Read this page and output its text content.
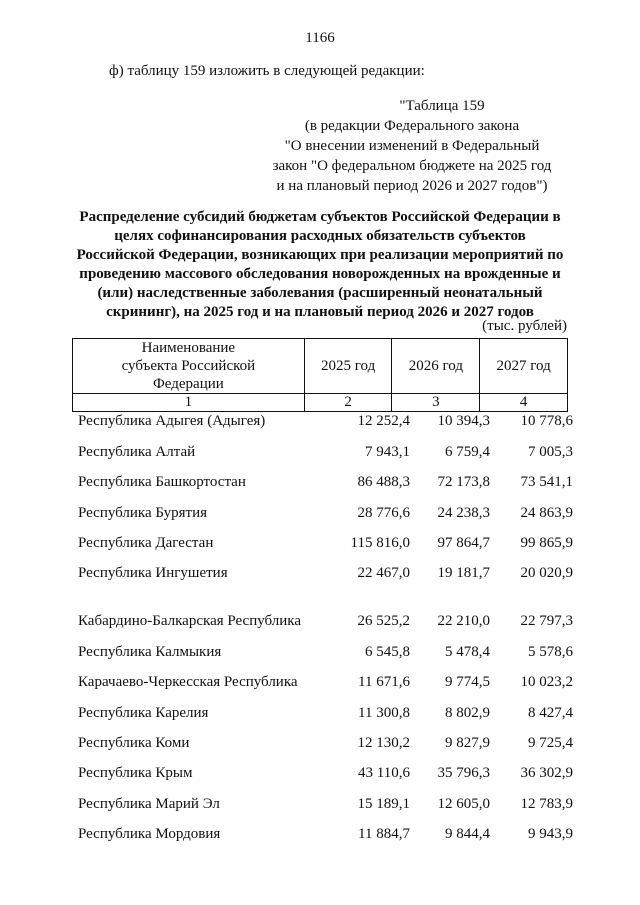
1166
ф) таблицу 159 изложить в следующей редакции:
"Таблица 159
(в редакции Федерального закона
"О внесении изменений в Федеральный
закон "О федеральном бюджете на 2025 год
и на плановый период 2026 и 2027 годов")
Распределение субсидий бюджетам субъектов Российской Федерации в
целях софинансирования расходных обязательств субъектов
Российской Федерации, возникающих при реализации мероприятий по
проведению массового обследования новорожденных на врожденные и
(или) наследственные заболевания (расширенный неонатальный
скрининг), на 2025 год и на плановый период 2026 и 2027 годов
(тыс. рублей)
Наименование субъекта Российской Федерации	2025 год	2026 год	2027 год
1	2	3	4
Республика Адыгея (Адыгея)	12 252,4	10 394,3	10 778,6
Республика Алтай	7 943,1	6 759,4	7 005,3
Республика Башкортостан	86 488,3	72 173,8	73 541,1
Республика Бурятия	28 776,6	24 238,3	24 863,9
Республика Дагестан	115 816,0	97 864,7	99 865,9
Республика Ингушетия	22 467,0	19 181,7	20 020,9
Кабардино-Балкарская Республика	26 525,2	22 210,0	22 797,3
Республика Калмыкия	6 545,8	5 478,4	5 578,6
Карачаево-Черкесская Республика	11 671,6	9 774,5	10 023,2
Республика Карелия	11 300,8	8 802,9	8 427,4
Республика Коми	12 130,2	9 827,9	9 725,4
Республика Крым	43 110,6	35 796,3	36 302,9
Республика Марий Эл	15 189,1	12 605,0	12 783,9
Республика Мордовия	11 884,7	9 844,4	9 943,9
